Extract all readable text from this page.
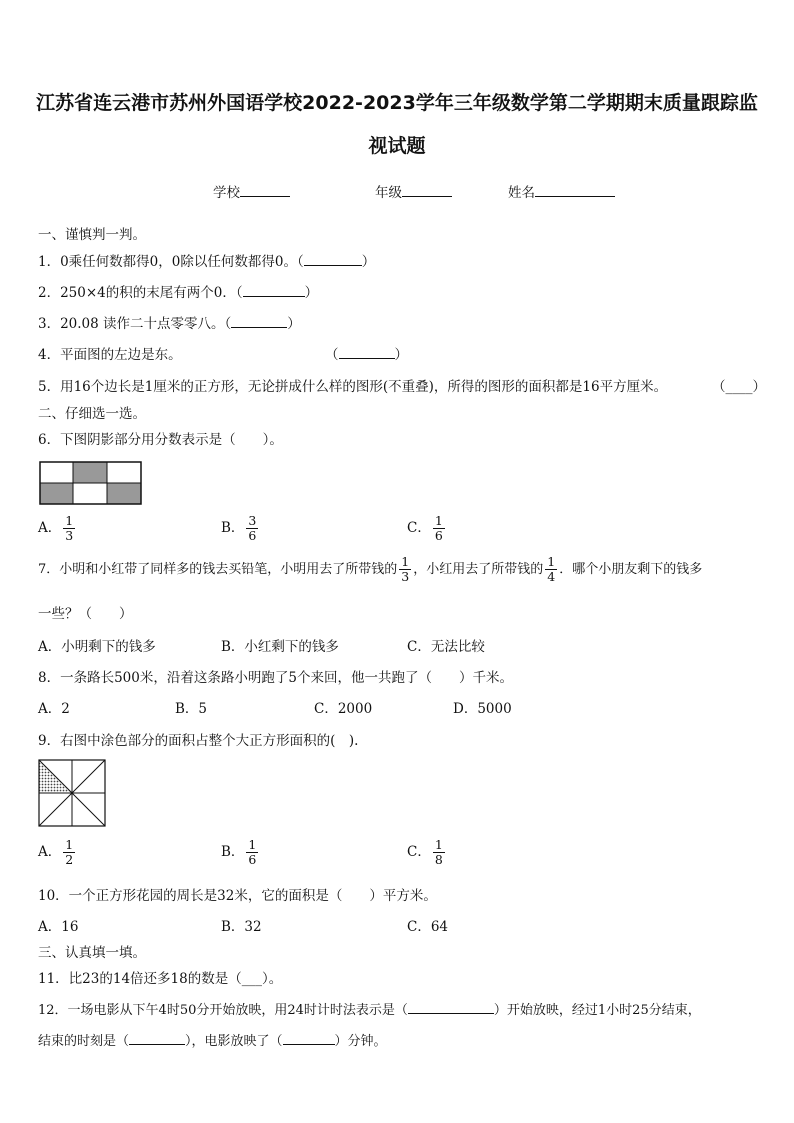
江苏省连云港市苏州外国语学校2022-2023学年三年级数学第二学期期末质量跟踪监
视试题
学校	年级	姓名
一、谨慎判一判。
1．0乘任何数都得0，0除以任何数都得0。（	）
2．250×4的积的末尾有两个0．（	）
3．20.08 读作二十点零零八。（	）
4．平面图的左边是东。	（	）
5．用16个边长是1厘米的正方形，无论拼成什么样的图形(不重叠)，所得的图形的面积都是16平方厘米。	（____）
二、仔细选一选。
6．下图阴影部分用分数表示是（　　）。
A． $\frac{1}{3}$	B． $\frac{3}{6}$	C． $\frac{1}{6}$
7．小明和小红带了同样多的钱去买铅笔，小明用去了所带钱的 $\frac{1}{3}$ ，小红用去了所带钱的 $\frac{1}{4}$ ．哪个小朋友剩下的钱多
一些？（　　）
A．小明剩下的钱多	B．小红剩下的钱多	C．无法比较
8．一条路长500米，沿着这条路小明跑了5个来回，他一共跑了（　　）千米。
A．2	B．5	C．2000	D．5000
9．右图中涂色部分的面积占整个大正方形面积的(　).
A． $\frac{1}{2}$	B． $\frac{1}{6}$	C． $\frac{1}{8}$
10．一个正方形花园的周长是32米，它的面积是（　　）平方米。
A．16	B．32	C．64
三、认真填一填。
11．比23的14倍还多18的数是（___）。
12．一场电影从下午4时50分开始放映，用24时计时法表示是（	）开始放映，经过1小时25分结束，
结束的时刻是（	），电影放映了（	）分钟。
